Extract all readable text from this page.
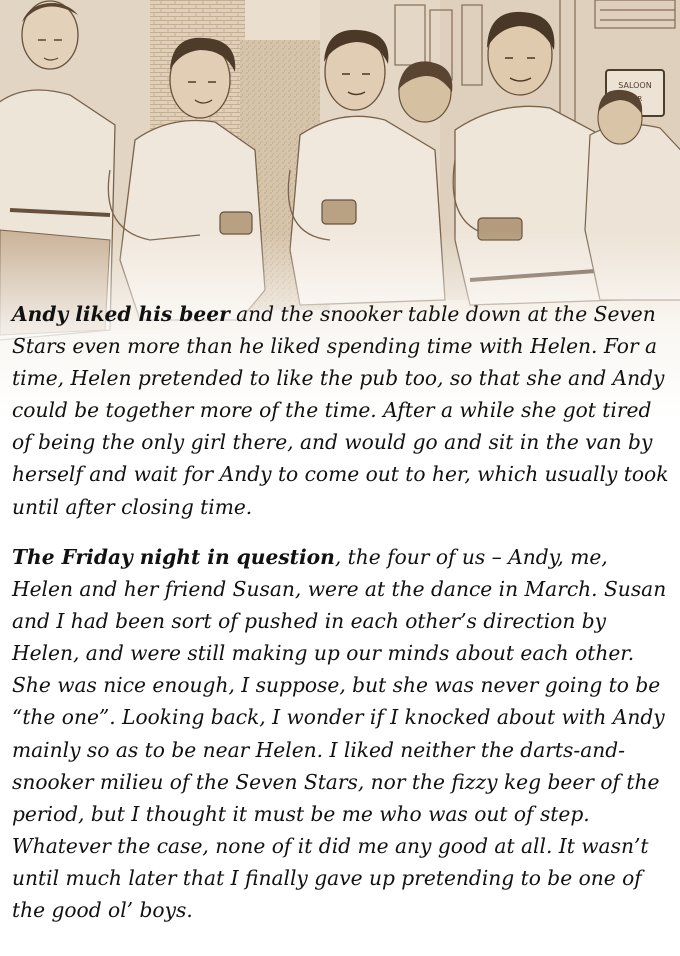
Andy liked his beer and the snooker table down at the Seven Stars even more than he liked spending time with Helen. For a time, Helen pretended to like the pub too, so that she and Andy could be together more of the time. After a while she got tired of being the only girl there, and would go and sit in the van by herself and wait for Andy to come out to her, which usually took until after closing time.
The Friday night in question, the four of us – Andy, me, Helen and her friend Susan, were at the dance in March. Susan and I had been sort of pushed in each other’s direction by Helen, and were still making up our minds about each other. She was nice enough, I suppose, but she was never going to be “the one”. Looking back, I wonder if I knocked about with Andy mainly so as to be near Helen. I liked neither the darts-and-snooker milieu of the Seven Stars, nor the fizzy keg beer of the period, but I thought it must be me who was out of step. Whatever the case, none of it did me any good at all. It wasn’t until much later that I finally gave up pretending to be one of the good ol’ boys.
